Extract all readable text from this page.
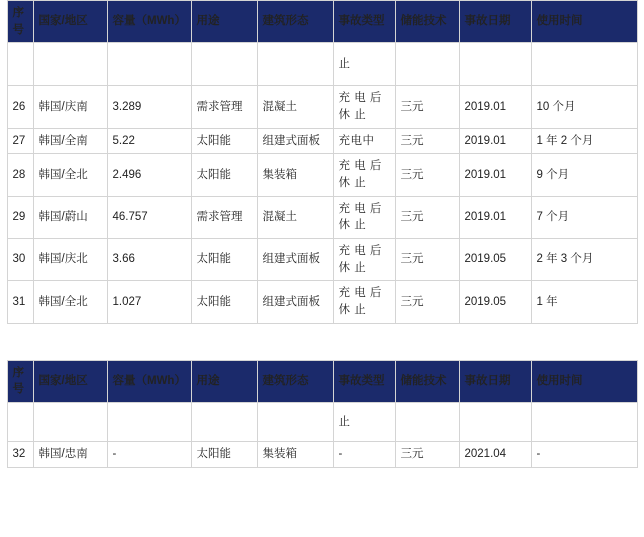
序号	国家/地区	容量（MWh）	用途	建筑形态	事故类型	储能技术	事故日期	使用时间
					止			
26	韩国/庆南	3.289	需求管理	混凝土	充 电 后 休 止	三元	2019.01	10 个月
27	韩国/全南	5.22	太阳能	组建式面板	充电中	三元	2019.01	1 年 2 个月
28	韩国/全北	2.496	太阳能	集装箱	充 电 后 休 止	三元	2019.01	9 个月
29	韩国/蔚山	46.757	需求管理	混凝土	充 电 后 休 止	三元	2019.01	7 个月
30	韩国/庆北	3.66	太阳能	组建式面板	充 电 后 休 止	三元	2019.05	2 年 3 个月
31	韩国/全北	1.027	太阳能	组建式面板	充 电 后 休 止	三元	2019.05	1 年
序号	国家/地区	容量（MWh）	用途	建筑形态	事故类型	储能技术	事故日期	使用时间
					止			
32	韩国/忠南	-	太阳能	集装箱	-	三元	2021.04	-
